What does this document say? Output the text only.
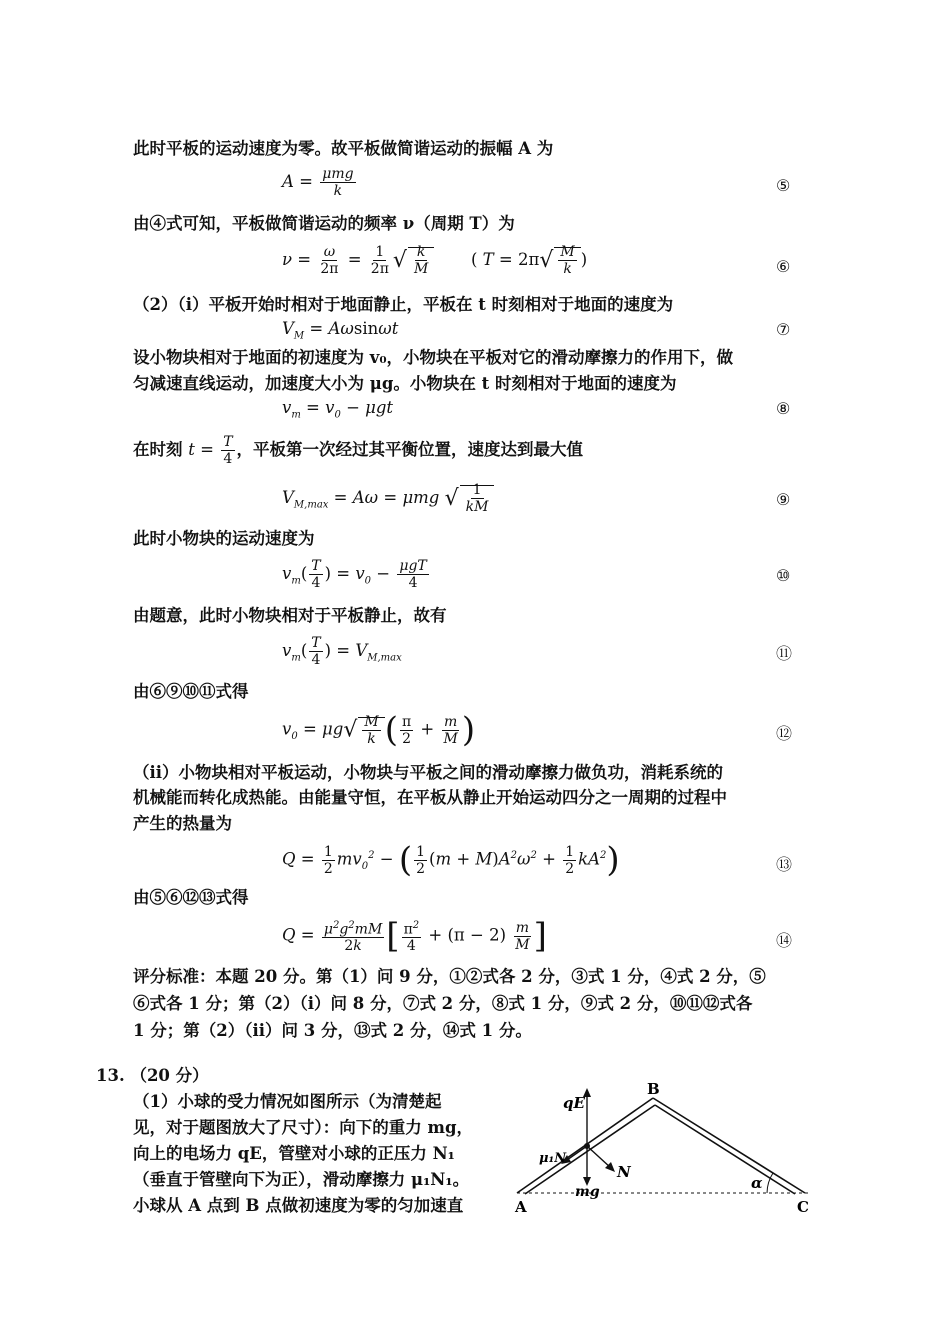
此时平板的运动速度为零。故平板做简谐运动的振幅 A 为
$A = \frac{\text{μmg}}{k}$	⑤
由④式可知，平板做简谐运动的频率 ν（周期 T）为
$\nu = \frac{\omega}{2\pi} = \frac{1}{2\pi}$ √ $\frac{k}{M}$ ( $T = 2\pi√ \frac{M}{k}$ )	⑥
（2）（i）平板开始时相对于地面静止，平板在 t 时刻相对于地面的速度为
$V_M = A\omega\sin\omega t$	⑦
设小物块相对于地面的初速度为 v₀，小物块在平板对它的滑动摩擦力的作用下，做
匀减速直线运动，加速度大小为 μg。小物块在 t 时刻相对于地面的速度为
$v_m = v_0 - \mu gt$	⑧
在时刻 $t = \frac{T}{4}$ ，平板第一次经过其平衡位置，速度达到最大值
$V_{M,max} = A\omega = \mu mg$ √ $\frac{1}{kM}$	⑨
此时小物块的运动速度为
$v_m( \frac{T}{4}$ ) = $v_0 - \frac{\text{μgT}}{4}$	⑩
由题意，此时小物块相对于平板静止，故有
$v_m( \frac{T}{4}$ ) = $V_{M,max}$	⑪
由⑥⑨⑩⑪式得
$v_0 = \mu g√ \frac{M}{k}$ ( $\frac{\pi}{2} + \frac{m}{M}$ )	⑫
（ii）小物块相对平板运动，小物块与平板之间的滑动摩擦力做负功，消耗系统的
机械能而转化成热能。由能量守恒，在平板从静止开始运动四分之一周期的过程中
产生的热量为
$Q = \frac{1}{2} mv_0^2$ − ( $\frac{1}{2} (m + M)A^2\omega^2 + \frac{1}{2} kA^2$)	⑬
由⑤⑥⑫⑬式得
$Q = \frac{\mu^2g^2mM}{2k}$ [ $\frac{\pi^2}{4} + (\pi - 2) \frac{m}{M}$ ]	⑭
评分标准：本题 20 分。第（1）问 9 分，①②式各 2 分，③式 1 分，④式 2 分，⑤
⑥式各 1 分；第（2）（i）问 8 分，⑦式 2 分，⑧式 1 分，⑨式 2 分，⑩⑪⑫式各
1 分；第（2）（ii）问 3 分，⑬式 2 分，⑭式 1 分。
13. （20 分）
（1）小球的受力情况如图所示（为清楚起
见，对于题图放大了尺寸）：向下的重力 mg，
向上的电场力 qE，管壁对小球的正压力 N₁
（垂直于管壁向下为正），滑动摩擦力 μ₁N₁。
小球从 A 点到 B 点做初速度为零的匀加速直
qE
B
μ₁N
N
mg	α
A	C
